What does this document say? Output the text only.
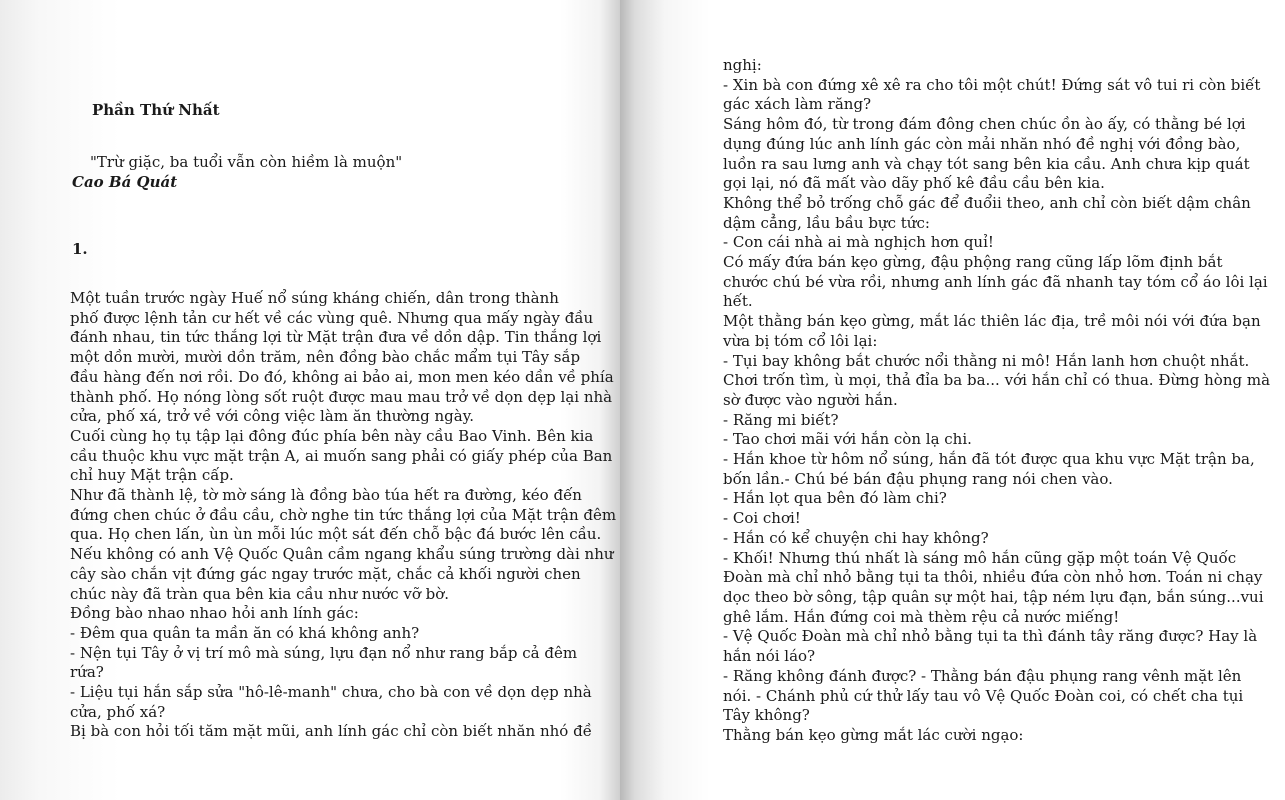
Phần Thứ Nhất

"Trừ giặc, ba tuổi vẫn còn hiềm là muộn"

Cao Bá Quát

1.

Một tuần trước ngày Huế nổ súng kháng chiến, dân trong thành
phố được lệnh tản cư hết về các vùng quê. Nhưng qua mấy ngày đầu
đánh nhau, tin tức thắng lợi từ Mặt trận đưa về dồn dập. Tin thắng lợi
một dồn mười, mười dồn trăm, nên đồng bào chắc mẩm tụi Tây sắp
đầu hàng đến nơi rồi. Do đó, không ai bảo ai, mon men kéo dần về phía
thành phố. Họ nóng lòng sốt ruột được mau mau trở về dọn dẹp lại nhà
cửa, phố xá, trở về với công việc làm ăn thường ngày.
Cuối cùng họ tụ tập lại đông đúc phía bên này cầu Bao Vinh. Bên kia
cầu thuộc khu vực mặt trận A, ai muốn sang phải có giấy phép của Ban
chỉ huy Mặt trận cấp.
Như đã thành lệ, tờ mờ sáng là đồng bào túa hết ra đường, kéo đến
đứng chen chúc ở đầu cầu, chờ nghe tin tức thắng lợi của Mặt trận đêm
qua. Họ chen lấn, ùn ùn mỗi lúc một sát đến chỗ bậc đá bước lên cầu.
Nếu không có anh Vệ Quốc Quân cầm ngang khẩu súng trường dài như
cây sào chắn vịt đứng gác ngay trước mặt, chắc cả khối người chen
chúc này đã tràn qua bên kia cầu như nước vỡ bờ.
Đồng bào nhao nhao hỏi anh lính gác:
- Đêm qua quân ta mần ăn có khá không anh?
- Nện tụi Tây ở vị trí mô mà súng, lựu đạn nổ như rang bắp cả đêm
rứa?
- Liệu tụi hắn sắp sửa "hô-lê-manh" chưa, cho bà con về dọn dẹp nhà
cửa, phố xá?
Bị bà con hỏi tối tăm mặt mũi, anh lính gác chỉ còn biết nhăn nhó đề
nghị:
- Xin bà con đứng xê xê ra cho tôi một chút! Đứng sát vô tui ri còn biết
gác xách làm răng?
Sáng hôm đó, từ trong đám đông chen chúc ồn ào ấy, có thằng bé lợi
dụng đúng lúc anh lính gác còn mải nhăn nhó đề nghị với đồng bào,
luồn ra sau lưng anh và chạy tót sang bên kia cầu. Anh chưa kịp quát
gọi lại, nó đã mất vào dãy phố kê đầu cầu bên kia.
Không thể bỏ trống chỗ gác để đuổii theo, anh chỉ còn biết dậm chân
dậm cẳng, lầu bầu bực tức:
- Con cái nhà ai mà nghịch hơn quỉ!
Có mấy đứa bán kẹo gừng, đậu phộng rang cũng lấp lõm định bắt
chước chú bé vừa rồi, nhưng anh lính gác đã nhanh tay tóm cổ áo lôi lại
hết.
Một thằng bán kẹo gừng, mắt lác thiên lác địa, trề môi nói với đứa bạn
vừa bị tóm cổ lôi lại:
- Tụi bay không bắt chước nổi thằng ni mô! Hắn lanh hơn chuột nhắt.
Chơi trốn tìm, ù mọi, thả đỉa ba ba... với hắn chỉ có thua. Đừng hòng mà
sờ được vào người hắn.
- Răng mi biết?
- Tao chơi mãi với hắn còn lạ chi.
- Hắn khoe từ hôm nổ súng, hắn đã tót được qua khu vực Mặt trận ba,
bốn lần.- Chú bé bán đậu phụng rang nói chen vào.
- Hắn lọt qua bên đó làm chi?
- Coi chơi!
- Hắn có kể chuyện chi hay không?
- Khối! Nhưng thú nhất là sáng mô hắn cũng gặp một toán Vệ Quốc
Đoàn mà chỉ nhỏ bằng tụi ta thôi, nhiều đứa còn nhỏ hơn. Toán ni chạy
dọc theo bờ sông, tập quân sự một hai, tập ném lựu đạn, bắn súng...vui
ghê lắm. Hắn đứng coi mà thèm rệu cả nước miếng!
- Vệ Quốc Đoàn mà chỉ nhỏ bằng tụi ta thì đánh tây răng được? Hay là
hắn nói láo?
- Răng không đánh được? - Thằng bán đậu phụng rang vênh mặt lên
nói. - Chánh phủ cứ thử lấy tau vô Vệ Quốc Đoàn coi, có chết cha tụi
Tây không?
Thằng bán kẹo gừng mắt lác cười ngạo:
